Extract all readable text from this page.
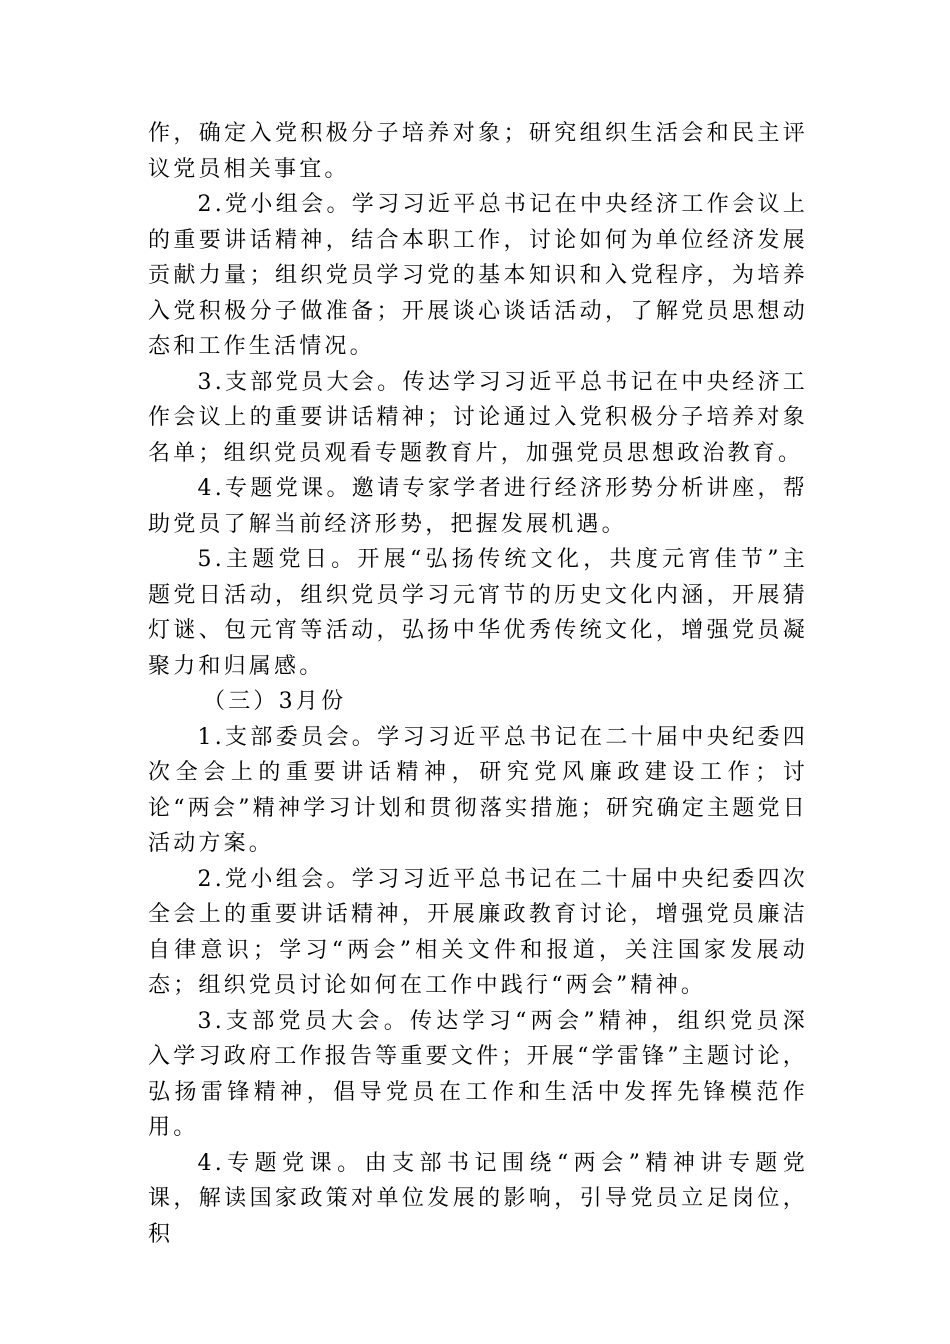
作，确定入党积极分子培养对象；研究组织生活会和民主评议党员相关事宜。

2.党小组会。学习习近平总书记在中央经济工作会议上的重要讲话精神，结合本职工作，讨论如何为单位经济发展贡献力量；组织党员学习党的基本知识和入党程序，为培养入党积极分子做准备；开展谈心谈话活动，了解党员思想动态和工作生活情况。

3.支部党员大会。传达学习习近平总书记在中央经济工作会议上的重要讲话精神；讨论通过入党积极分子培养对象名单；组织党员观看专题教育片，加强党员思想政治教育。

4.专题党课。邀请专家学者进行经济形势分析讲座，帮助党员了解当前经济形势，把握发展机遇。

5.主题党日。开展“弘扬传统文化，共度元宵佳节”主题党日活动，组织党员学习元宵节的历史文化内涵，开展猜灯谜、包元宵等活动，弘扬中华优秀传统文化，增强党员凝聚力和归属感。

（三）3月份

1.支部委员会。学习习近平总书记在二十届中央纪委四次全会上的重要讲话精神，研究党风廉政建设工作；讨论“两会”精神学习计划和贯彻落实措施；研究确定主题党日活动方案。

2.党小组会。学习习近平总书记在二十届中央纪委四次全会上的重要讲话精神，开展廉政教育讨论，增强党员廉洁自律意识；学习“两会”相关文件和报道，关注国家发展动态；组织党员讨论如何在工作中践行“两会”精神。

3.支部党员大会。传达学习“两会”精神，组织党员深入学习政府工作报告等重要文件；开展“学雷锋”主题讨论，弘扬雷锋精神，倡导党员在工作和生活中发挥先锋模范作用。

4.专题党课。由支部书记围绕“两会”精神讲专题党课，解读国家政策对单位发展的影响，引导党员立足岗位，积
